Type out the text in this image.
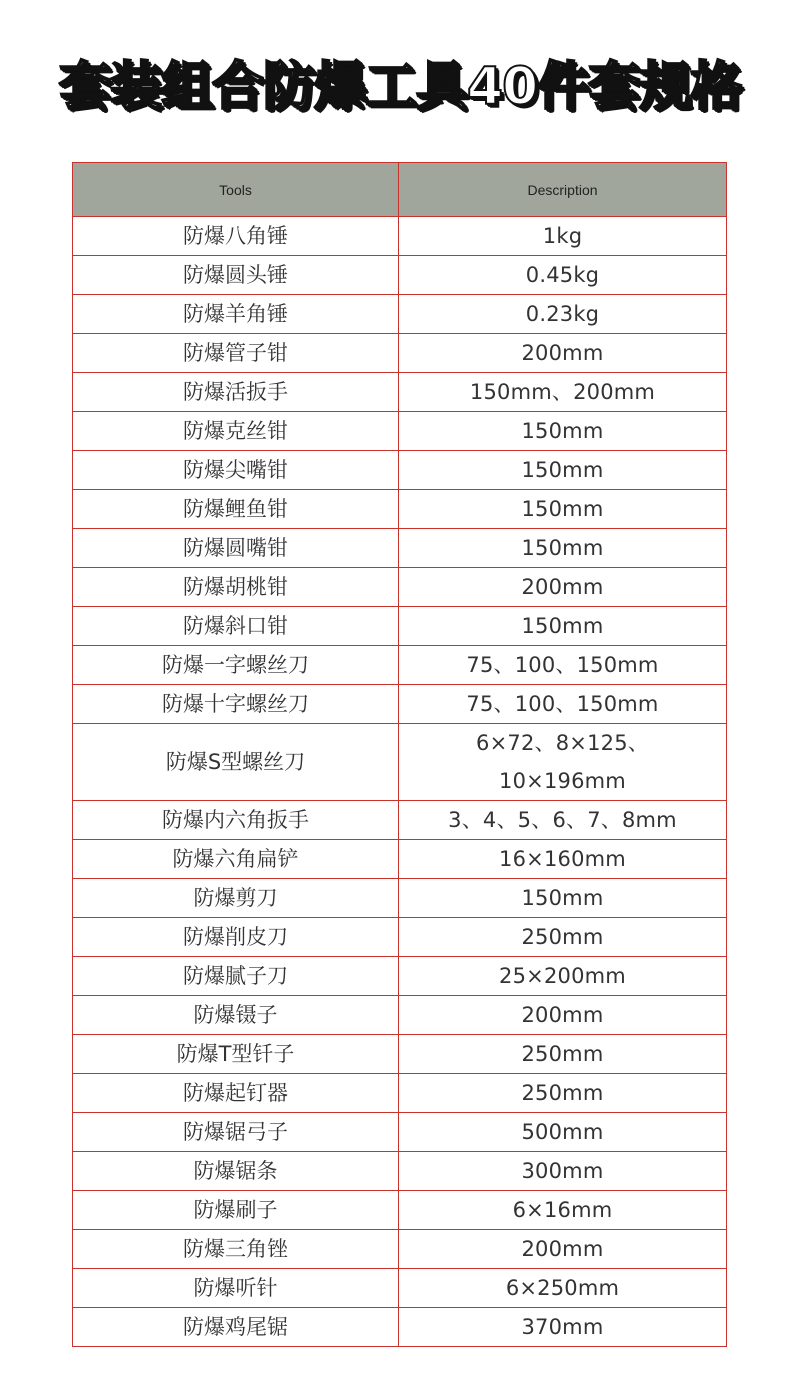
套装组合防爆工具40件套规格
Tools	Description
防爆八角锤	1kg
防爆圆头锤	0.45kg
防爆羊角锤	0.23kg
防爆管子钳	200mm
防爆活扳手	150mm、200mm
防爆克丝钳	150mm
防爆尖嘴钳	150mm
防爆鲤鱼钳	150mm
防爆圆嘴钳	150mm
防爆胡桃钳	200mm
防爆斜口钳	150mm
防爆一字螺丝刀	75、100、150mm
防爆十字螺丝刀	75、100、150mm
防爆S型螺丝刀	6×72、8×125、10×196mm
防爆内六角扳手	3、4、5、6、7、8mm
防爆六角扁铲	16×160mm
防爆剪刀	150mm
防爆削皮刀	250mm
防爆腻子刀	25×200mm
防爆镊子	200mm
防爆T型钎子	250mm
防爆起钉器	250mm
防爆锯弓子	500mm
防爆锯条	300mm
防爆刷子	6×16mm
防爆三角锉	200mm
防爆听针	6×250mm
防爆鸡尾锯	370mm
